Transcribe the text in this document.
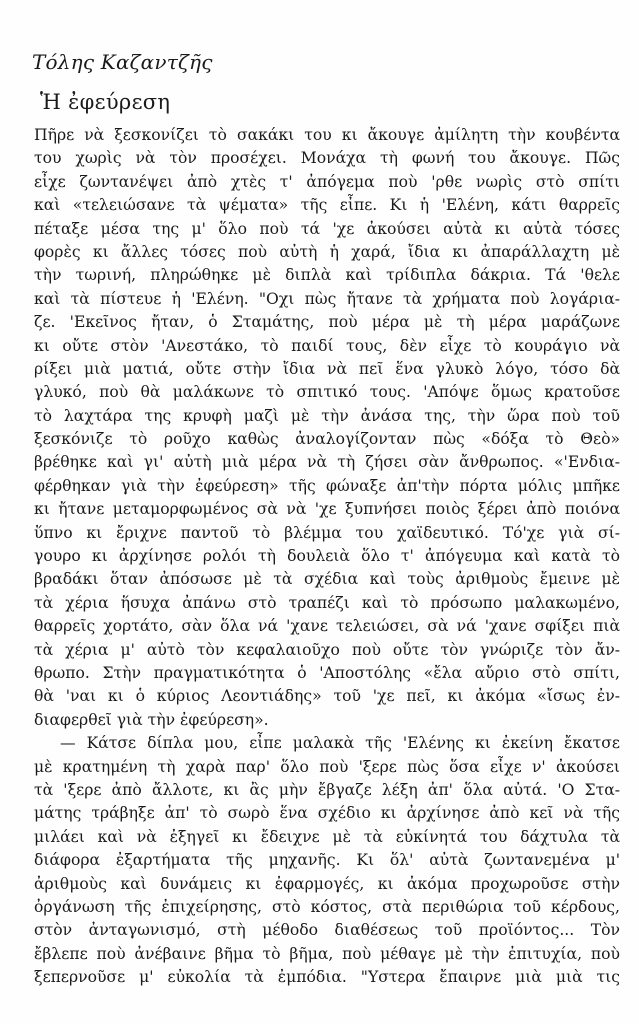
Τόλης Καζαντζῆς
Ἡ ἐφεύρεση
Πῆρε νὰ ξεσκονίζει τὸ σακάκι του κι ἄκουγε ἀμίλητη τὴν κουβέντα
του χωρὶς νὰ τὸν προσέχει. Μονάχα τὴ φωνή του ἄκουγε. Πῶς
εἶχε ζωντανέψει ἀπὸ χτὲς τ' ἀπόγεμα ποὺ 'ρθε νωρὶς στὸ σπίτι
καὶ «τελειώσανε τὰ ψέματα» τῆς εἶπε. Κι ἡ 'Ελένη, κάτι θαρρεῖς
πέταξε μέσα της μ' ὅλο ποὺ τά 'χε ἀκούσει αὐτὰ κι αὐτὰ τόσες
φορὲς κι ἄλλες τόσες ποὺ αὐτὴ ἡ χαρά, ἴδια κι ἀπαράλλαχτη μὲ
τὴν τωρινή, πληρώθηκε μὲ διπλὰ καὶ τρίδιπλα δάκρια. Τά 'θελε
καὶ τὰ πίστευε ἡ 'Ελένη. "Οχι πὼς ἤτανε τὰ χρήματα ποὺ λογάρια-
ζε. 'Εκεῖνος ἤταν, ὁ Σταμάτης, ποὺ μέρα μὲ τὴ μέρα μαράζωνε
κι οὔτε στὸν 'Ανεστάκο, τὸ παιδί τους, δὲν εἶχε τὸ κουράγιο νὰ
ρίξει μιὰ ματιά, οὔτε στὴν ἴδια νὰ πεῖ ἕνα γλυκὸ λόγο, τόσο δὰ
γλυκό, ποὺ θὰ μαλάκωνε τὸ σπιτικό τους. 'Απόψε ὅμως κρατοῦσε
τὸ λαχτάρα της κρυφὴ μαζὶ μὲ τὴν ἀνάσα της, τὴν ὥρα ποὺ τοῦ
ξεσκόνιζε τὸ ροῦχο καθὼς ἀναλογίζονταν πὼς «δόξα τὸ Θεὸ»
βρέθηκε καὶ γι' αὐτὴ μιὰ μέρα νὰ τὴ ζήσει σὰν ἄνθρωπος. «'Ενδια-
φέρθηκαν γιὰ τὴν ἐφεύρεση» τῆς φώναξε ἀπ'τὴν πόρτα μόλις μπῆκε
κι ἤτανε μεταμορφωμένος σὰ νὰ 'χε ξυπνήσει ποιὸς ξέρει ἀπὸ ποιόνα
ὕπνο κι ἔριχνε παντοῦ τὸ βλέμμα του χαϊδευτικό. Τό'χε γιὰ σί-
γουρο κι ἀρχίνησε ρολόι τὴ δουλειὰ ὅλο τ' ἀπόγευμα καὶ κατὰ τὸ
βραδάκι ὅταν ἀπόσωσε μὲ τὰ σχέδια καὶ τοὺς ἀριθμοὺς ἔμεινε μὲ
τὰ χέρια ἥσυχα ἀπάνω στὸ τραπέζι καὶ τὸ πρόσωπο μαλακωμένο,
θαρρεῖς χορτάτο, σὰν ὅλα νά 'χανε τελειώσει, σὰ νά 'χανε σφίξει πιὰ
τὰ χέρια μ' αὐτὸ τὸν κεφαλαιοῦχο ποὺ οὔτε τὸν γνώριζε τὸν ἄν-
θρωπο. Στὴν πραγματικότητα ὁ 'Αποστόλης «ἔλα αὔριο στὸ σπίτι,
θὰ 'ναι κι ὁ κύριος Λεοντιάδης» τοῦ 'χε πεῖ, κι ἀκόμα «ἴσως ἐν-
διαφερθεῖ γιὰ τὴν ἐφεύρεση».
— Κάτσε δίπλα μου, εἶπε μαλακὰ τῆς 'Ελένης κι ἐκείνη ἔκατσε
μὲ κρατημένη τὴ χαρὰ παρ' ὅλο ποὺ 'ξερε πὼς ὅσα εἶχε ν' ἀκούσει
τὰ 'ξερε ἀπὸ ἄλλοτε, κι ἂς μὴν ἔβγαζε λέξη ἀπ' ὅλα αὐτά. 'Ο Στα-
μάτης τράβηξε ἀπ' τὸ σωρὸ ἕνα σχέδιο κι ἀρχίνησε ἀπὸ κεῖ νὰ τῆς
μιλάει καὶ νὰ ἐξηγεῖ κι ἔδειχνε μὲ τὰ εὐκίνητά του δάχτυλα τὰ
διάφορα ἐξαρτήματα τῆς μηχανῆς. Κι ὅλ' αὐτὰ ζωντανεμένα μ'
ἀριθμοὺς καὶ δυνάμεις κι ἐφαρμογές, κι ἀκόμα προχωροῦσε στὴν
ὀργάνωση τῆς ἐπιχείρησης, στὸ κόστος, στὰ περιθώρια τοῦ κέρδους,
στὸν ἀνταγωνισμό, στὴ μέθοδο διαθέσεως τοῦ προϊόντος... Τὸν
ἔβλεπε ποὺ ἀνέβαινε βῆμα τὸ βῆμα, ποὺ μέθαγε μὲ τὴν ἐπιτυχία, ποὺ
ξεπερνοῦσε μ' εὐκολία τὰ ἐμπόδια. "Υστερα ἔπαιρνε μιὰ μιὰ τις
